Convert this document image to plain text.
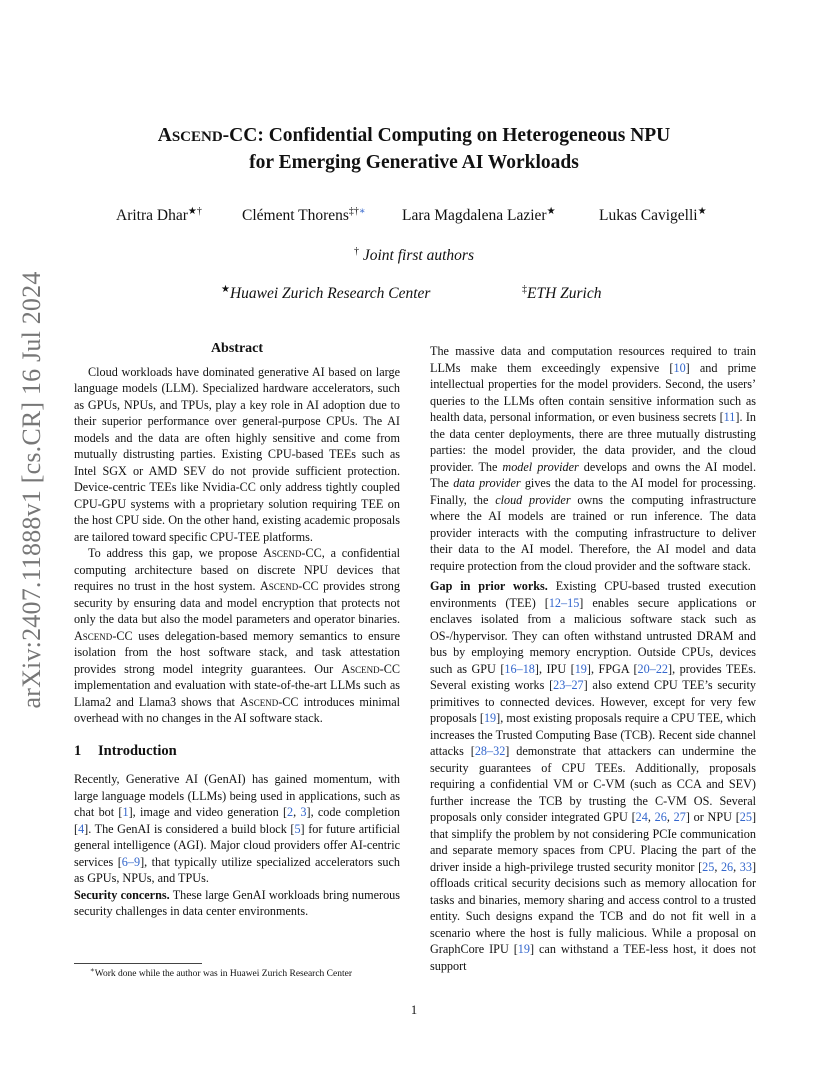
arXiv:2407.11888v1 [cs.CR] 16 Jul 2024
ASCEND-CC: Confidential Computing on Heterogeneous NPU
for Emerging Generative AI Workloads
Aritra Dhar★†	Clément Thorens‡†∗ Lara Magdalena Lazier★	Lukas Cavigelli★
† Joint first authors
★Huawei Zurich Research Center	‡ETH Zurich
Abstract

Cloud workloads have dominated generative AI based on large language models (LLM). Specialized hardware accelerators, such as GPUs, NPUs, and TPUs, play a key role in AI adoption due to their superior performance over general-purpose CPUs. The AI models and the data are often highly sensitive and come from mutually distrusting parties. Existing CPU-based TEEs such as Intel SGX or AMD SEV do not provide sufficient protection. Device-centric TEEs like Nvidia-CC only address tightly coupled CPU-GPU systems with a proprietary solution requiring TEE on the host CPU side. On the other hand, existing academic proposals are tailored toward specific CPU-TEE platforms.

To address this gap, we propose Ascend-CC, a confidential computing architecture based on discrete NPU devices that requires no trust in the host system. Ascend-CC provides strong security by ensuring data and model encryption that protects not only the data but also the model parameters and operator binaries. Ascend-CC uses delegation-based memory semantics to ensure isolation from the host software stack, and task attestation provides strong model integrity guarantees. Our Ascend-CC implementation and evaluation with state-of-the-art LLMs such as Llama2 and Llama3 shows that Ascend-CC introduces minimal overhead with no changes in the AI software stack.

1 Introduction

Recently, Generative AI (GenAI) has gained momentum, with large language models (LLMs) being used in applications, such as chat bot [1], image and video generation [2, 3], code completion [4]. The GenAI is considered a build block [5] for future artificial general intelligence (AGI). Major cloud providers offer AI-centric services [6–9], that typically utilize specialized accelerators such as GPUs, NPUs, and TPUs.

Security concerns. These large GenAI workloads bring numerous security challenges in data center environments.

The massive data and computation resources required to train LLMs make them exceedingly expensive [10] and prime intellectual properties for the model providers. Second, the users’ queries to the LLMs often contain sensitive information such as health data, personal information, or even business secrets [11]. In the data center deployments, there are three mutually distrusting parties: the model provider, the data provider, and the cloud provider. The model provider develops and owns the AI model. The data provider gives the data to the AI model for processing. Finally, the cloud provider owns the computing infrastructure where the AI models are trained or run inference. The data provider interacts with the computing infrastructure to deliver their data to the AI model. Therefore, the AI model and data require protection from the cloud provider and the software stack.

Gap in prior works. Existing CPU-based trusted execution environments (TEE) [12–15] enables secure applications or enclaves isolated from a malicious software stack such as OS-/hypervisor. They can often withstand untrusted DRAM and bus by employing memory encryption. Outside CPUs, devices such as GPU [16–18], IPU [19], FPGA [20–22], provides TEEs. Several existing works [23–27] also extend CPU TEE’s security primitives to connected devices. However, except for very few proposals [19], most existing proposals require a CPU TEE, which increases the Trusted Computing Base (TCB). Recent side channel attacks [28–32] demonstrate that attackers can undermine the security guarantees of CPU TEEs. Additionally, proposals requiring a confidential VM or C-VM (such as CCA and SEV) further increase the TCB by trusting the C-VM OS. Several proposals only consider integrated GPU [24, 26, 27] or NPU [25] that simplify the problem by not considering PCIe communication and separate memory spaces from CPU. Placing the part of the driver inside a high-privilege trusted security monitor [25, 26, 33] offloads critical security decisions such as memory allocation for tasks and binaries, memory sharing and access control to a trusted entity. Such designs expand the TCB and do not fit well in a scenario where the host is fully malicious. While a proposal on GraphCore IPU [19] can withstand a TEE-less host, it does not support

∗Work done while the author was in Huawei Zurich Research Center
1
